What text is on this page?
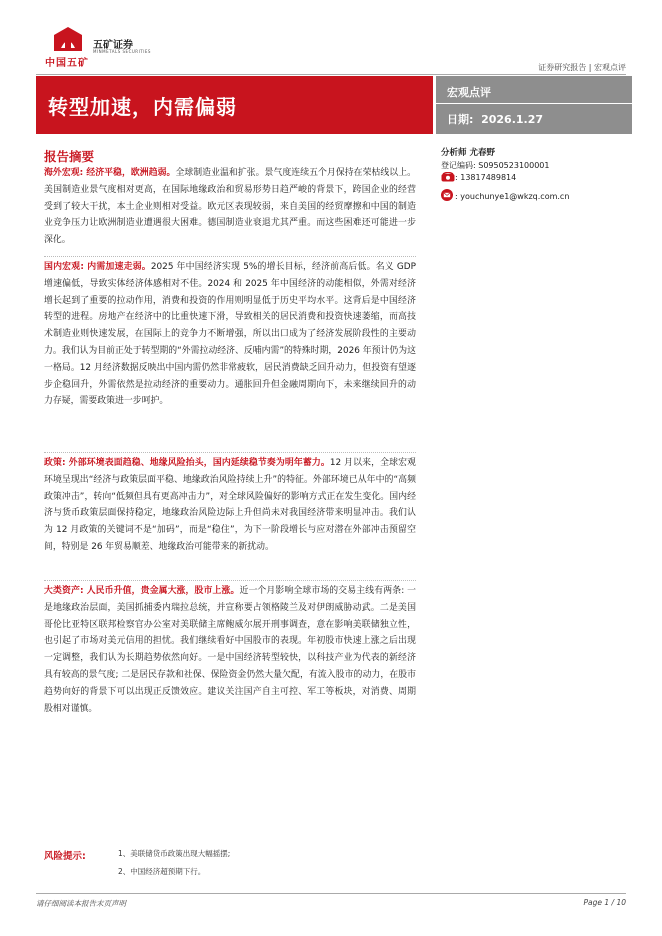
中国五矿
五矿证券
MINMETALS SECURITIES
证券研究报告 | 宏观点评
转型加速，内需偏弱
宏观点评
日期: 2026.1.27
分析师 尤春野
登记编码: S0950523100001
: 13817489814
: youchunye1@wkzq.com.cn
报告摘要

海外宏观: 经济平稳，欧洲趋弱。全球制造业温和扩张。景气度连续五个月保持在荣枯线以上。美国制造业景气度相对更高，在国际地缘政治和贸易形势日趋严峻的背景下，跨国企业的经营受到了较大干扰，本土企业则相对受益。欧元区表现较弱，来自美国的经贸摩擦和中国的制造业竞争压力让欧洲制造业遭遇很大困难。德国制造业衰退尤其严重。而这些困难还可能进一步深化。

国内宏观: 内需加速走弱。2025 年中国经济实现 5%的增长目标，经济前高后低。名义 GDP 增速偏低，导致实体经济体感相对不佳。2024 和 2025 年中国经济的动能相似，外需对经济增长起到了重要的拉动作用，消费和投资的作用则明显低于历史平均水平。这背后是中国经济转型的进程。房地产在经济中的比重快速下滑，导致相关的居民消费和投资快速萎缩，而高技术制造业则快速发展，在国际上的竞争力不断增强，所以出口成为了经济发展阶段性的主要动力。我们认为目前正处于转型期的“外需拉动经济、反哺内需”的特殊时期，2026 年预计仍为这一格局。12 月经济数据反映出中国内需仍然非常疲软，居民消费缺乏回升动力，但投资有望逐步企稳回升，外需依然是拉动经济的重要动力。通胀回升但金融周期向下，未来继续回升的动力存疑，需要政策进一步呵护。

政策: 外部环境表面趋稳、地缘风险抬头，国内延续稳节奏为明年蓄力。12 月以来，全球宏观环境呈现出“经济与政策层面平稳、地缘政治风险持续上升”的特征。外部环境已从年中的“高频政策冲击”，转向“低频但具有更高冲击力”，对全球风险偏好的影响方式正在发生变化。国内经济与货币政策层面保持稳定，地缘政治风险边际上升但尚未对我国经济带来明显冲击。我们认为 12 月政策的关键词不是“加码”，而是“稳住”，为下一阶段增长与应对潜在外部冲击预留空间，特别是 26 年贸易顺差、地缘政治可能带来的新扰动。

大类资产: 人民币升值，贵金属大涨，股市上涨。近一个月影响全球市场的交易主线有两条: 一是地缘政治层面，美国抓捕委内瑞拉总统，并宣称要占领格陵兰及对伊朗威胁动武。二是美国哥伦比亚特区联邦检察官办公室对美联储主席鲍威尔展开刑事调查，意在影响美联储独立性，也引起了市场对美元信用的担忧。我们继续看好中国股市的表现。年初股市快速上涨之后出现一定调整，我们认为长期趋势依然向好。一是中国经济转型较快，以科技产业为代表的新经济具有较高的景气度; 二是居民存款和社保、保险资金仍然大量欠配，有流入股市的动力，在股市趋势向好的背景下可以出现正反馈效应。建议关注国产自主可控、军工等板块，对消费、周期股相对谨慎。

风险提示:	1、美联储货币政策出现大幅摇摆;
2、中国经济超预期下行。
请仔细阅读本报告末页声明	Page 1 / 10
